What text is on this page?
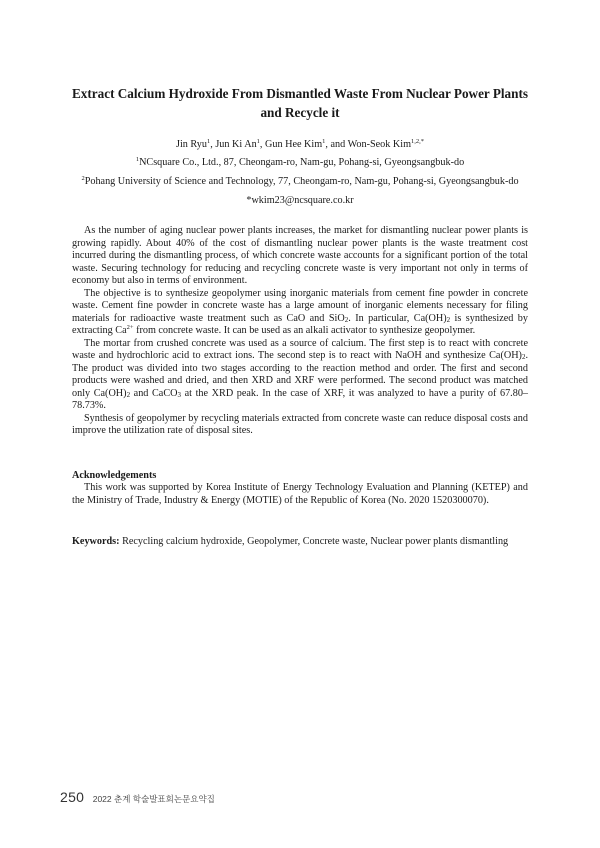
Extract Calcium Hydroxide From Dismantled Waste From Nuclear Power Plants and Recycle it
Jin Ryu$^1$, Jun Ki An$^1$, Gun Hee Kim$^1$, and Won-Seok Kim$^{1,2,*}$
$^1$NCsquare Co., Ltd., 87, Cheongam-ro, Nam-gu, Pohang-si, Gyeongsangbuk-do
$^2$Pohang University of Science and Technology, 77, Cheongam-ro, Nam-gu, Pohang-si, Gyeongsangbuk-do
*wkim23@ncsquare.co.kr

As the number of aging nuclear power plants increases, the market for dismantling nuclear power plants is growing rapidly. About 40% of the cost of dismantling nuclear power plants is the waste treatment cost incurred during the dismantling process, of which concrete waste accounts for a significant portion of the total waste. Securing technology for reducing and recycling concrete waste is very important not only in terms of economy but also in terms of environment.

The objective is to synthesize geopolymer using inorganic materials from cement fine powder in concrete waste. Cement fine powder in concrete waste has a large amount of inorganic elements necessary for filing materials for radioactive waste treatment such as CaO and SiO$_2$. In particular, $Ca(OH)_2$ is synthesized by extracting $Ca^{2+}$ from concrete waste. It can be used as an alkali activator to synthesize geopolymer.

The mortar from crushed concrete was used as a source of calcium. The first step is to react with concrete waste and hydrochloric acid to extract ions. The second step is to react with NaOH and synthesize $Ca(OH)_2$. The product was divided into two stages according to the reaction method and order. The first and second products were washed and dried, and then XRD and XRF were performed. The second product was matched only $Ca(OH)_2$ and CaCO$_3$ at the XRD peak. In the case of XRF, it was analyzed to have a purity of 67.80–78.73%.

Synthesis of geopolymer by recycling materials extracted from concrete waste can reduce disposal costs and improve the utilization rate of disposal sites.

Acknowledgements

This work was supported by Korea Institute of Energy Technology Evaluation and Planning (KETEP) and the Ministry of Trade, Industry & Energy (MOTIE) of the Republic of Korea (No. 2020 1520300070).

Keywords: Recycling calcium hydroxide, Geopolymer, Concrete waste, Nuclear power plants dismantling
250 2022 춘계 학술발표회논문요약집
